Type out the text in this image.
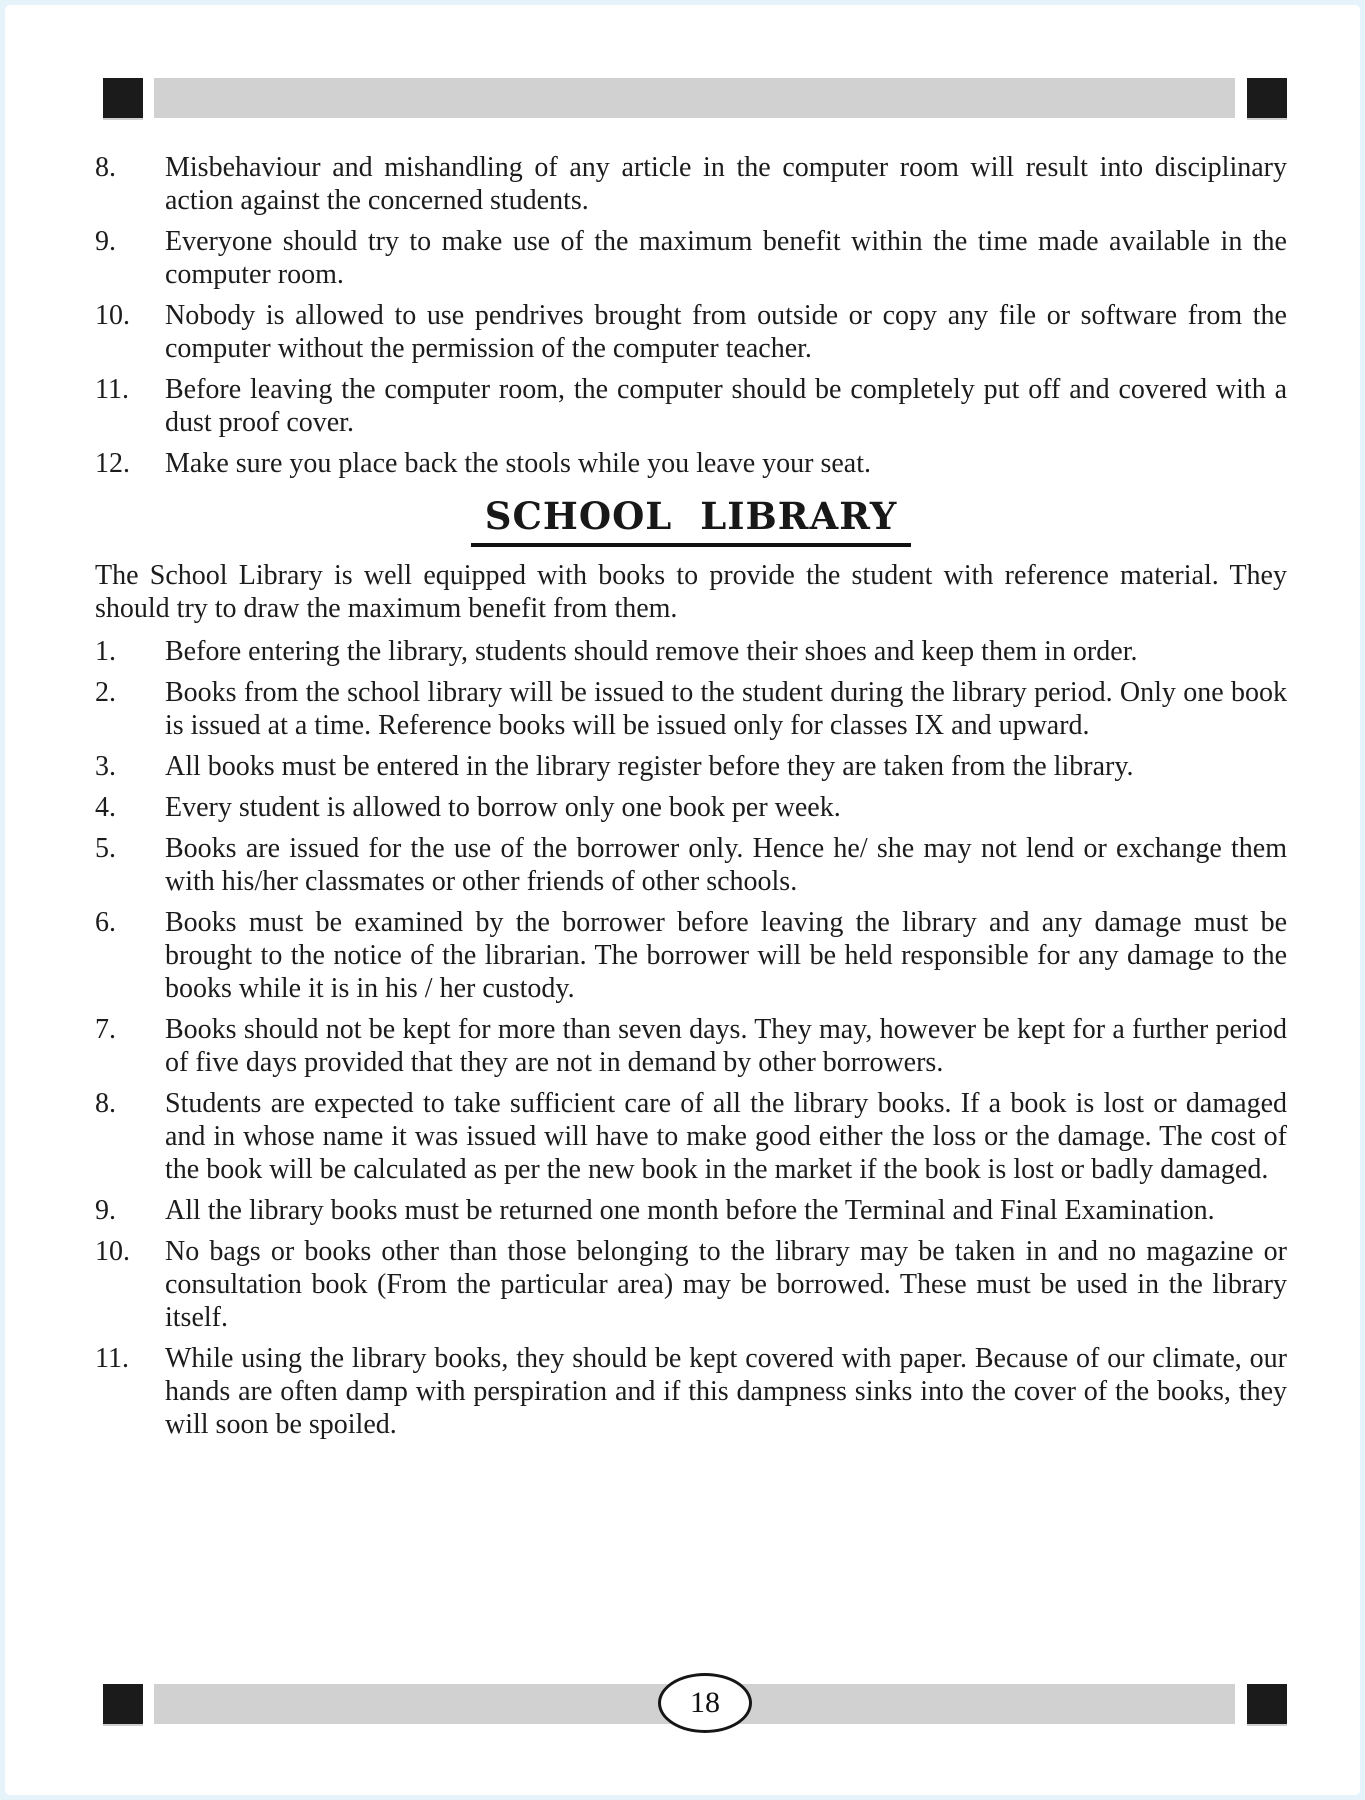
8.	Misbehaviour and mishandling of any article in the computer room will result into disciplinary action against the concerned students.
9.	Everyone should try to make use of the maximum benefit within the time made available in the computer room.
10.	Nobody is allowed to use pendrives brought from outside or copy any file or software from the computer without the permission of the computer teacher.
11.	Before leaving the computer room, the computer should be completely put off and covered with a dust proof cover.
12.	Make sure you place back the stools while you leave your seat.
SCHOOL LIBRARY

The School Library is well equipped with books to provide the student with reference material. They should try to draw the maximum benefit from them.

1.	Before entering the library, students should remove their shoes and keep them in order.
2.	Books from the school library will be issued to the student during the library period. Only one book is issued at a time. Reference books will be issued only for classes IX and upward.
3.	All books must be entered in the library register before they are taken from the library.
4.	Every student is allowed to borrow only one book per week.
5.	Books are issued for the use of the borrower only. Hence he/ she may not lend or exchange them with his/her classmates or other friends of other schools.
6.	Books must be examined by the borrower before leaving the library and any damage must be brought to the notice of the librarian. The borrower will be held responsible for any damage to the books while it is in his / her custody.
7.	Books should not be kept for more than seven days. They may, however be kept for a further period of five days provided that they are not in demand by other borrowers.
8.	Students are expected to take sufficient care of all the library books. If a book is lost or damaged and in whose name it was issued will have to make good either the loss or the damage. The cost of the book will be calculated as per the new book in the market if the book is lost or badly damaged.
9.	All the library books must be returned one month before the Terminal and Final Examination.
10.	No bags or books other than those belonging to the library may be taken in and no magazine or consultation book (From the particular area) may be borrowed. These must be used in the library itself.
11.	While using the library books, they should be kept covered with paper. Because of our climate, our hands are often damp with perspiration and if this dampness sinks into the cover of the books, they will soon be spoiled.
18
